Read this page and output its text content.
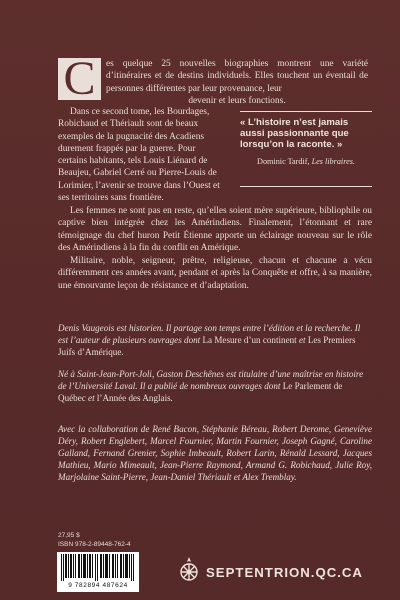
C	es quelque 25 nouvelles biographies montrent une variété d’itinéraires et de destins individuels. Elles touchent un éventail de personnes différentes par leur provenance, leur
devenir et leurs fonctions.

Dans ce second tome, les Bourdages, Robichaud et Thériault sont de beaux exemples de la pugnacité des Acadiens durement frappés par la guerre. Pour certains habitants, tels Louis Liénard de Beaujeu, Gabriel Cerré ou Pierre-Louis de Lorimier, l’avenir se trouve dans l’Ouest et ses territoires sans frontière.

« L’histoire n’est jamais aussi passionnante que lorsqu’on la raconte. »

Dominic Tardif, Les libraires.

Les femmes ne sont pas en reste, qu’elles soient mère supérieure, bibliophile ou captive bien intégrée chez les Amérindiens. Finalement, l’étonnant et rare témoignage du chef huron Petit Étienne apporte un éclairage nouveau sur le rôle des Amérindiens à la fin du conflit en Amérique.

Militaire, noble, seigneur, prêtre, religieuse, chacun et chacune a vécu différemment ces années avant, pendant et après la Conquête et offre, à sa manière, une émouvante leçon de résistance et d’adaptation.

Denis Vaugeois est historien. Il partage son temps entre l’édition et la recherche. Il est l’auteur de plusieurs ouvrages dont La Mesure d’un continent et Les Premiers Juifs d’Amérique.

Né à Saint-Jean-Port-Joli, Gaston Deschênes est titulaire d’une maîtrise en histoire de l’Université Laval. Il a publié de nombreux ouvrages dont Le Parlement de Québec et l’Année des Anglais.

Avec la collaboration de René Bacon, Stéphanie Béreau, Robert Derome, Geneviève Déry, Robert Englebert, Marcel Fournier, Martin Fournier, Joseph Gagné, Caroline Galland, Fernand Grenier, Sophie Imbeault, Robert Larin, Rénald Lessard, Jacques Mathieu, Mario Mimeault, Jean-Pierre Raymond, Armand G. Robichaud, Julie Roy, Marjolaine Saint-Pierre, Jean-Daniel Thériault et Alex Tremblay.

27,95 $

ISBN 978-2-89448-762-4

9 782894 487624

SEPTENTRION.QC.CA
